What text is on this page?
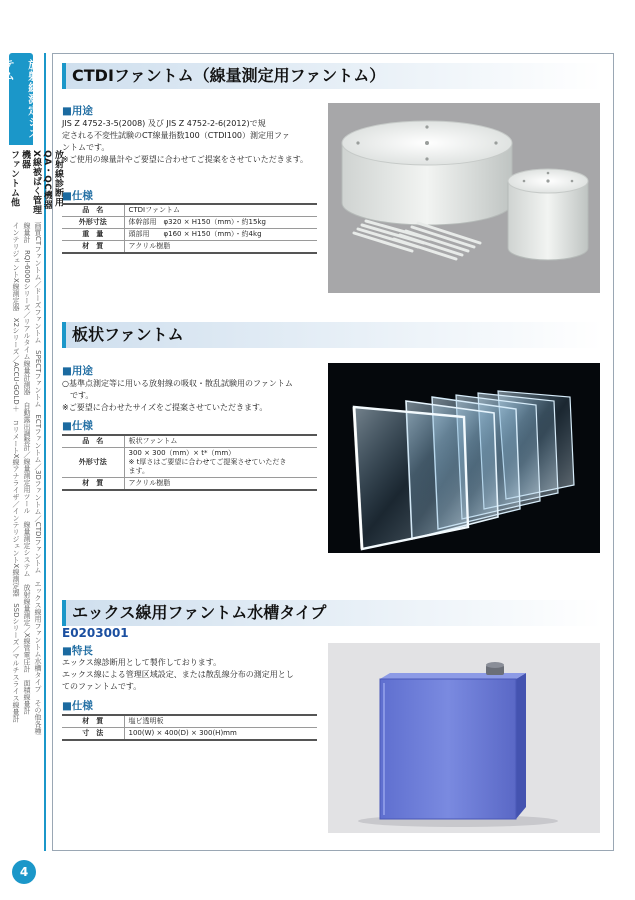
放射線測定システム
放射線診断用
QA・QC機器
X線被ばく管理機器
ファントム他
インテリジェントX線測定器　X2シリーズ／ACCU-GOLD＋　コリメートX線アナライザ／インテリジェントX線測定器　SSDシリーズ／マルチスライス線量計 線量計　RQI-6000シリーズ／リアルタイム線量計測器　自動露出調整計／線量測定用ツール　線量測定システム　放射線量測定／X線管電圧計　面積線量計 画質CTファントム／ドーズファントム　SPECTファントム　ECTファントム／3Dファントム／CTDIファントム　エックス線用ファントム水槽タイプ　その他各種
4
CTDIファントム（線量測定用ファントム）
■用途

JIS Z 4752-3-5(2008) 及び JIS Z 4752-2-6(2012)で規

定される不変性試験のCT線量指数100（CTDI100）測定用ファ

ントムです。

※ご使用の線量計やご要望に合わせてご提案をさせていただきます。

■仕様
品　名	CTDIファントム
外形寸法	体幹部用　φ320 × H150（mm）・約15kg
重　量	頭部用　　φ160 × H150（mm）・約4kg
材　質	アクリル樹脂
板状ファントム
■用途

○基準点測定等に用いる放射線の吸収・散乱試験用のファントム

　です。

※ご要望に合わせたサイズをご提案させていただきます。

■仕様
品　名	板状ファントム
外形寸法	300 × 300（mm）× t*（mm）
※ t厚さはご要望に合わせてご提案させていただき
ます。
材　質	アクリル樹脂
エックス線用ファントム水槽タイプ
E0203001
■特長

エックス線診断用として製作しております。

エックス線による管理区域設定、または散乱線分布の測定用とし

てのファントムです。

■仕様
材　質	塩ビ透明板
寸　法	100(W) × 400(D) × 300(H)mm
